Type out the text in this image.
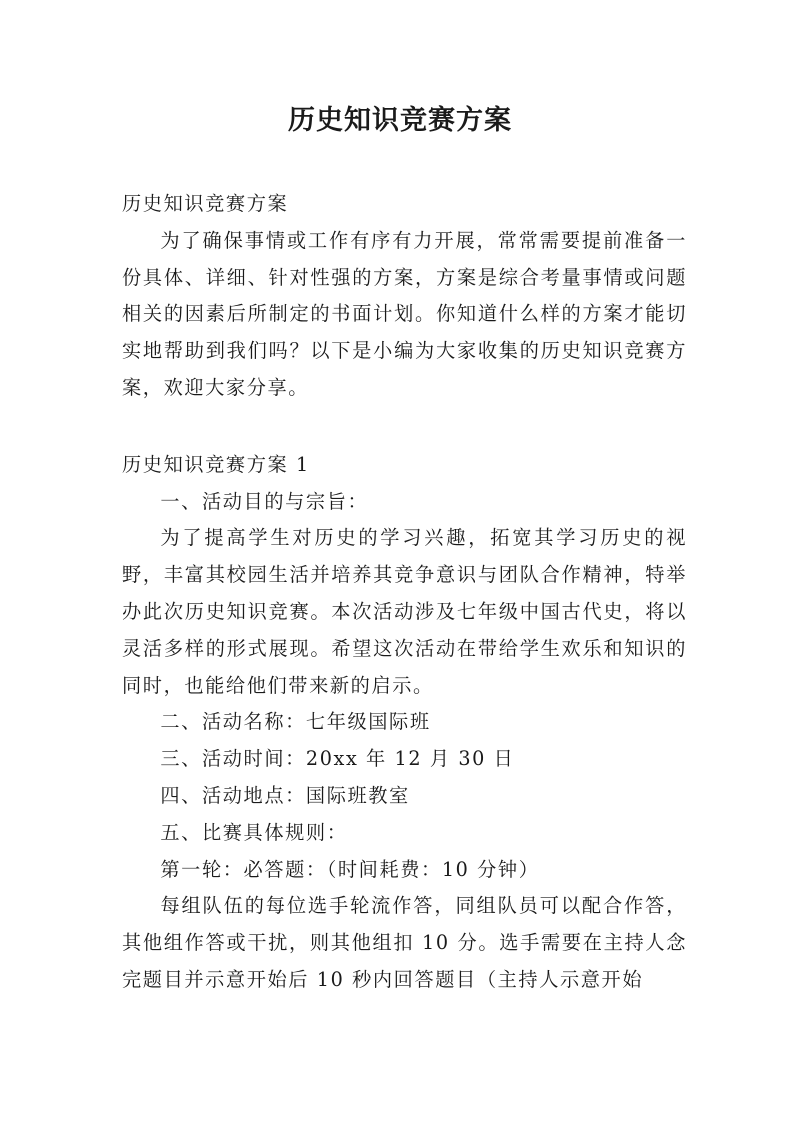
历史知识竞赛方案

历史知识竞赛方案

为了确保事情或工作有序有力开展，常常需要提前准备一份具体、详细、针对性强的方案，方案是综合考量事情或问题相关的因素后所制定的书面计划。你知道什么样的方案才能切实地帮助到我们吗？以下是小编为大家收集的历史知识竞赛方案，欢迎大家分享。

历史知识竞赛方案 1

一、活动目的与宗旨：

为了提高学生对历史的学习兴趣，拓宽其学习历史的视野，丰富其校园生活并培养其竞争意识与团队合作精神，特举办此次历史知识竞赛。本次活动涉及七年级中国古代史，将以灵活多样的形式展现。希望这次活动在带给学生欢乐和知识的同时，也能给他们带来新的启示。

二、活动名称：七年级国际班

三、活动时间：20xx 年 12 月 30 日

四、活动地点：国际班教室

五、比赛具体规则：

第一轮：必答题：（时间耗费：10 分钟）

每组队伍的每位选手轮流作答，同组队员可以配合作答，其他组作答或干扰，则其他组扣 10 分。选手需要在主持人念完题目并示意开始后 10 秒内回答题目（主持人示意开始
